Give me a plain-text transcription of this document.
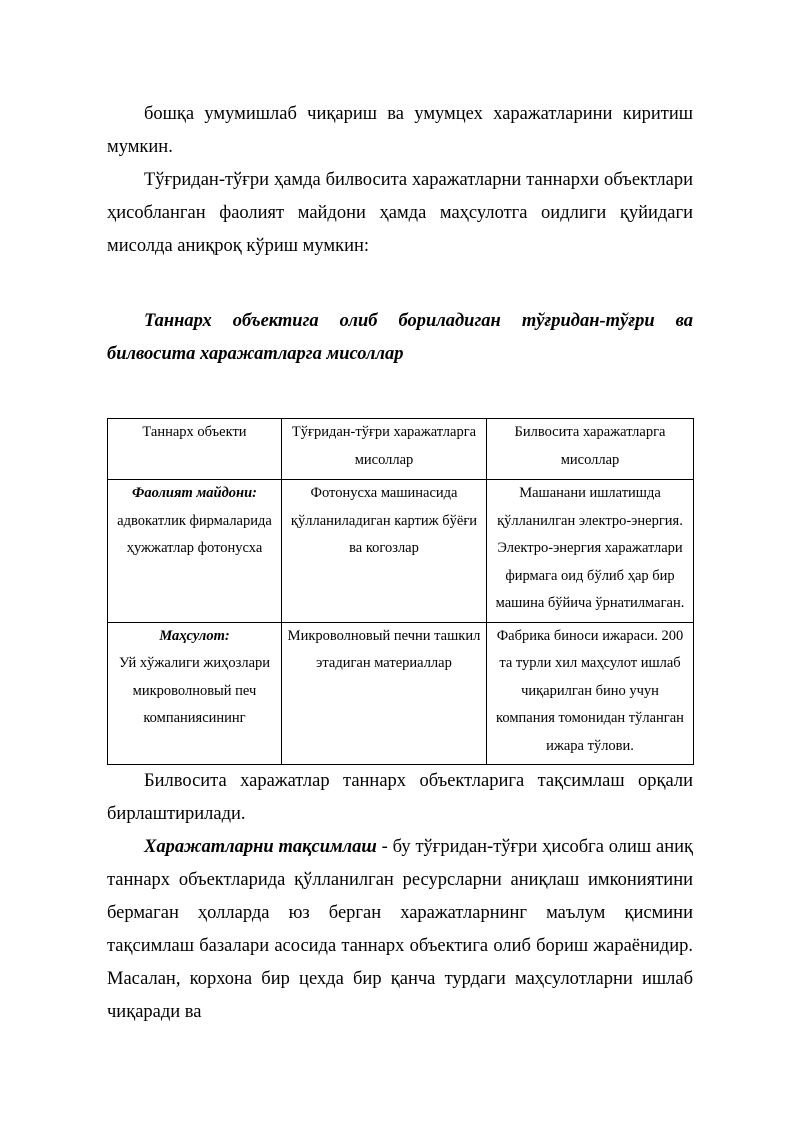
бошқа умумишлаб чиқариш ва умумцех харажатларини киритиш мумкин.

Тўғридан-тўғри ҳамда билвосита харажатларни таннархи объектлари ҳисобланган фаолият майдони ҳамда маҳсулотга оидлиги қуйидаги мисолда аниқроқ кўриш мумкин:

Таннарх объектига олиб бориладиган тўғридан-тўғри ва билвосита харажатларга мисоллар

Таннарх объекти	Тўғридан-тўғри харажатларга мисоллар	Билвосита харажатларга мисоллар

Фаолият майдони:
адвокатлик фирмаларида ҳужжатлар фотонусха	Фотонусха машинасида қўлланиладиган картиж бўёғи ва когозлар	Машанани ишлатишда қўлланилган электро-энергия. Электро-энергия харажатлари фирмага оид бўлиб ҳар бир машина бўйича ўрнатилмаган.

Маҳсулот:
Уй хўжалиги жиҳозлари микроволновый печ компаниясининг	Микроволновый печни ташкил этадиган материаллар	Фабрика биноси ижараси. 200 та турли хил маҳсулот ишлаб чиқарилган бино учун компания томонидан тўланган ижара тўлови.

Билвосита харажатлар таннарх объектларига тақсимлаш орқали бирлаштирилади.

Харажатларни тақсимлаш - бу тўғридан-тўғри ҳисобга олиш аниқ таннарх объектларида қўлланилган ресурсларни аниқлаш имкониятини бермаган ҳолларда юз берган харажатларнинг маълум қисмини тақсимлаш базалари асосида таннарх объектига олиб бориш жараёнидир. Масалан, корхона бир цехда бир қанча турдаги маҳсулотларни ишлаб чиқаради ва
